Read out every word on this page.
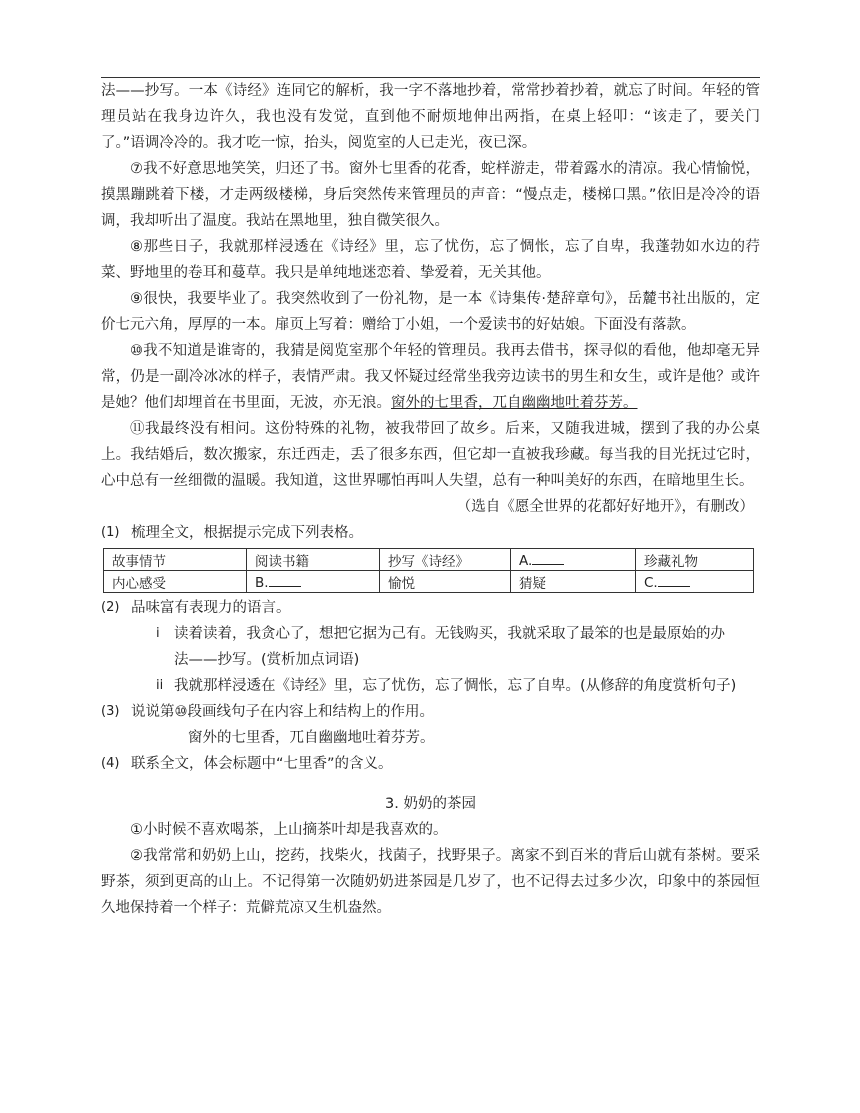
法——抄写。一本《诗经》连同它的解析，我一字不落地抄着，常常抄着抄着，就忘了时间。年轻的管理员站在我身边许久，我也没有发觉，直到他不耐烦地伸出两指，在桌上轻叩：“该走了，要关门了。”语调冷冷的。我才吃一惊，抬头，阅览室的人已走光，夜已深。

⑦我不好意思地笑笑，归还了书。窗外七里香的花香，蛇样游走，带着露水的清凉。我心情愉悦，摸黑蹦跳着下楼，才走两级楼梯，身后突然传来管理员的声音：“慢点走，楼梯口黑。”依旧是冷冷的语调，我却听出了温度。我站在黑地里，独自微笑很久。

⑧那些日子，我就那样浸透在《诗经》里，忘了忧伤，忘了惆怅，忘了自卑，我蓬勃如水边的荇菜、野地里的卷耳和蔓草。我只是单纯地迷恋着、挚爱着，无关其他。

⑨很快，我要毕业了。我突然收到了一份礼物，是一本《诗集传·楚辞章句》，岳麓书社出版的，定价七元六角，厚厚的一本。扉页上写着：赠给丁小姐，一个爱读书的好姑娘。下面没有落款。

⑩我不知道是谁寄的，我猜是阅览室那个年轻的管理员。我再去借书，探寻似的看他，他却毫无异常，仍是一副冷冰冰的样子，表情严肃。我又怀疑过经常坐我旁边读书的男生和女生，或许是他？或许是她？他们却埋首在书里面，无波，亦无浪。窗外的七里香，兀自幽幽地吐着芬芳。

⑪我最终没有相问。这份特殊的礼物，被我带回了故乡。后来，又随我进城，摆到了我的办公桌上。我结婚后，数次搬家，东迁西走，丢了很多东西，但它却一直被我珍藏。每当我的目光抚过它时，心中总有一丝细微的温暖。我知道，这世界哪怕再叫人失望，总有一种叫美好的东西，在暗地里生长。

（选自《愿全世界的花都好好地开》，有删改）

(1) 梳理全文，根据提示完成下列表格。
故事情节	阅读书籍	抄写《诗经》	A.	珍藏礼物
内心感受	B.	愉悦	猜疑	C.
(2) 品味富有表现力的语言。
i 读着读着，我贪心了，想把它据为己有。无钱购买，我就采取了最笨的也是最原始的办
法——抄写。(赏析加点词语)
ii 我就那样浸透在《诗经》里，忘了忧伤，忘了惆怅，忘了自卑。(从修辞的角度赏析句子)
(3) 说说第⑩段画线句子在内容上和结构上的作用。
窗外的七里香，兀自幽幽地吐着芬芳。
(4) 联系全文，体会标题中“七里香”的含义。

3. 奶奶的茶园

①小时候不喜欢喝茶，上山摘茶叶却是我喜欢的。

②我常常和奶奶上山，挖药，找柴火，找菌子，找野果子。离家不到百米的背后山就有茶树。要采野茶，须到更高的山上。不记得第一次随奶奶进茶园是几岁了，也不记得去过多少次，印象中的茶园恒久地保持着一个样子：荒僻荒凉又生机盎然。
